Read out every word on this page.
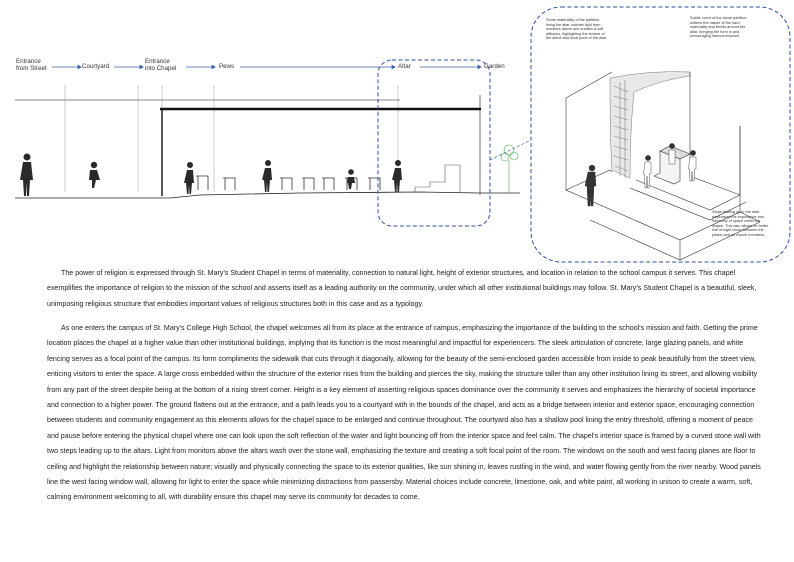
Entrance
from Street	Courtyard
Entrance
into Chapel	Pews	Altar	Garden
Stone materiality of the partition lining the altar catches light from monitors above and creates a soft diffusion, highlighting the texture of the stone and focal point of the altar.
Subtle curve of the stone partition softens the nature of the hard materiality and bends around the altar, bringing the form in and encouraging intercommunion.
Steps leading up to the altar emphasize the importance and hierarchy of space within the chapel. This also allows for better line of sight vision between the pastor and all church members.

The power of religion is expressed through St. Mary's Student Chapel in terms of materiality, connection to natural light, height of exterior structures, and location in relation to the school campus it serves. This chapel exemplifies the importance of religion to the mission of the school and asserts itself as a leading authority on the community, under which all other institutional buildings may follow. St. Mary's Student Chapel is a beautiful, sleek, unimposing religious structure that embodies important values of religious structures both in this case and as a typology.

As one enters the campus of St. Mary's College High School, the chapel welcomes all from its place at the entrance of campus, emphasizing the importance of the building to the school's mission and faith. Getting the prime location places the chapel at a higher value than other institutional buildings, implying that its function is the most meaningful and impactful for experiencers. The sleek articulation of concrete, large glazing panels, and white fencing serves as a focal point of the campus. Its form compliments the sidewalk that cuts through it diagonally, allowing for the beauty of the semi-enclosed garden accessible from inside to peak beautifully from the street view, enticing visitors to enter the space. A large cross embedded within the structure of the exterior rises from the building and pierces the sky, making the structure taller than any other institution lining its street, and allowing visibility from any part of the street despite being at the bottom of a rising street corner. Height is a key element of asserting religious spaces dominance over the community it serves and emphasizes the hierarchy of societal importance and connection to a higher power. The ground flattens out at the entrance, and a path leads you to a courtyard with in the bounds of the chapel, and acts as a bridge between interior and exterior space, encouraging connection between students and community engagement as this elements allows for the chapel space to be enlarged and continue throughout. The courtyard also has a shallow pool lining the entry threshold, offering a moment of peace and pause before entering the physical chapel where one can look upon the soft reflection of the water and light bouncing off from the interior space and feel calm. The chapel's interior space is framed by a curved stone wall with two steps leading up to the altars. Light from monitors above the altars wash over the stone wall, emphasizing the texture and creating a soft focal point of the room. The windows on the south and west facing planes are floor to ceiling and highlight the relationship between nature; visually and physically connecting the space to its exterior qualities, like sun shining in, leaves rustling in the wind, and water flowing gently from the river nearby. Wood panels line the west facing window wall, allowing for light to enter the space while minimizing distractions from passersby. Material choices include concrete, limestone, oak, and white paint, all working in unison to create a warm, soft, calming environment welcoming to all, with durability ensure this chapel may serve its community for decades to come.
